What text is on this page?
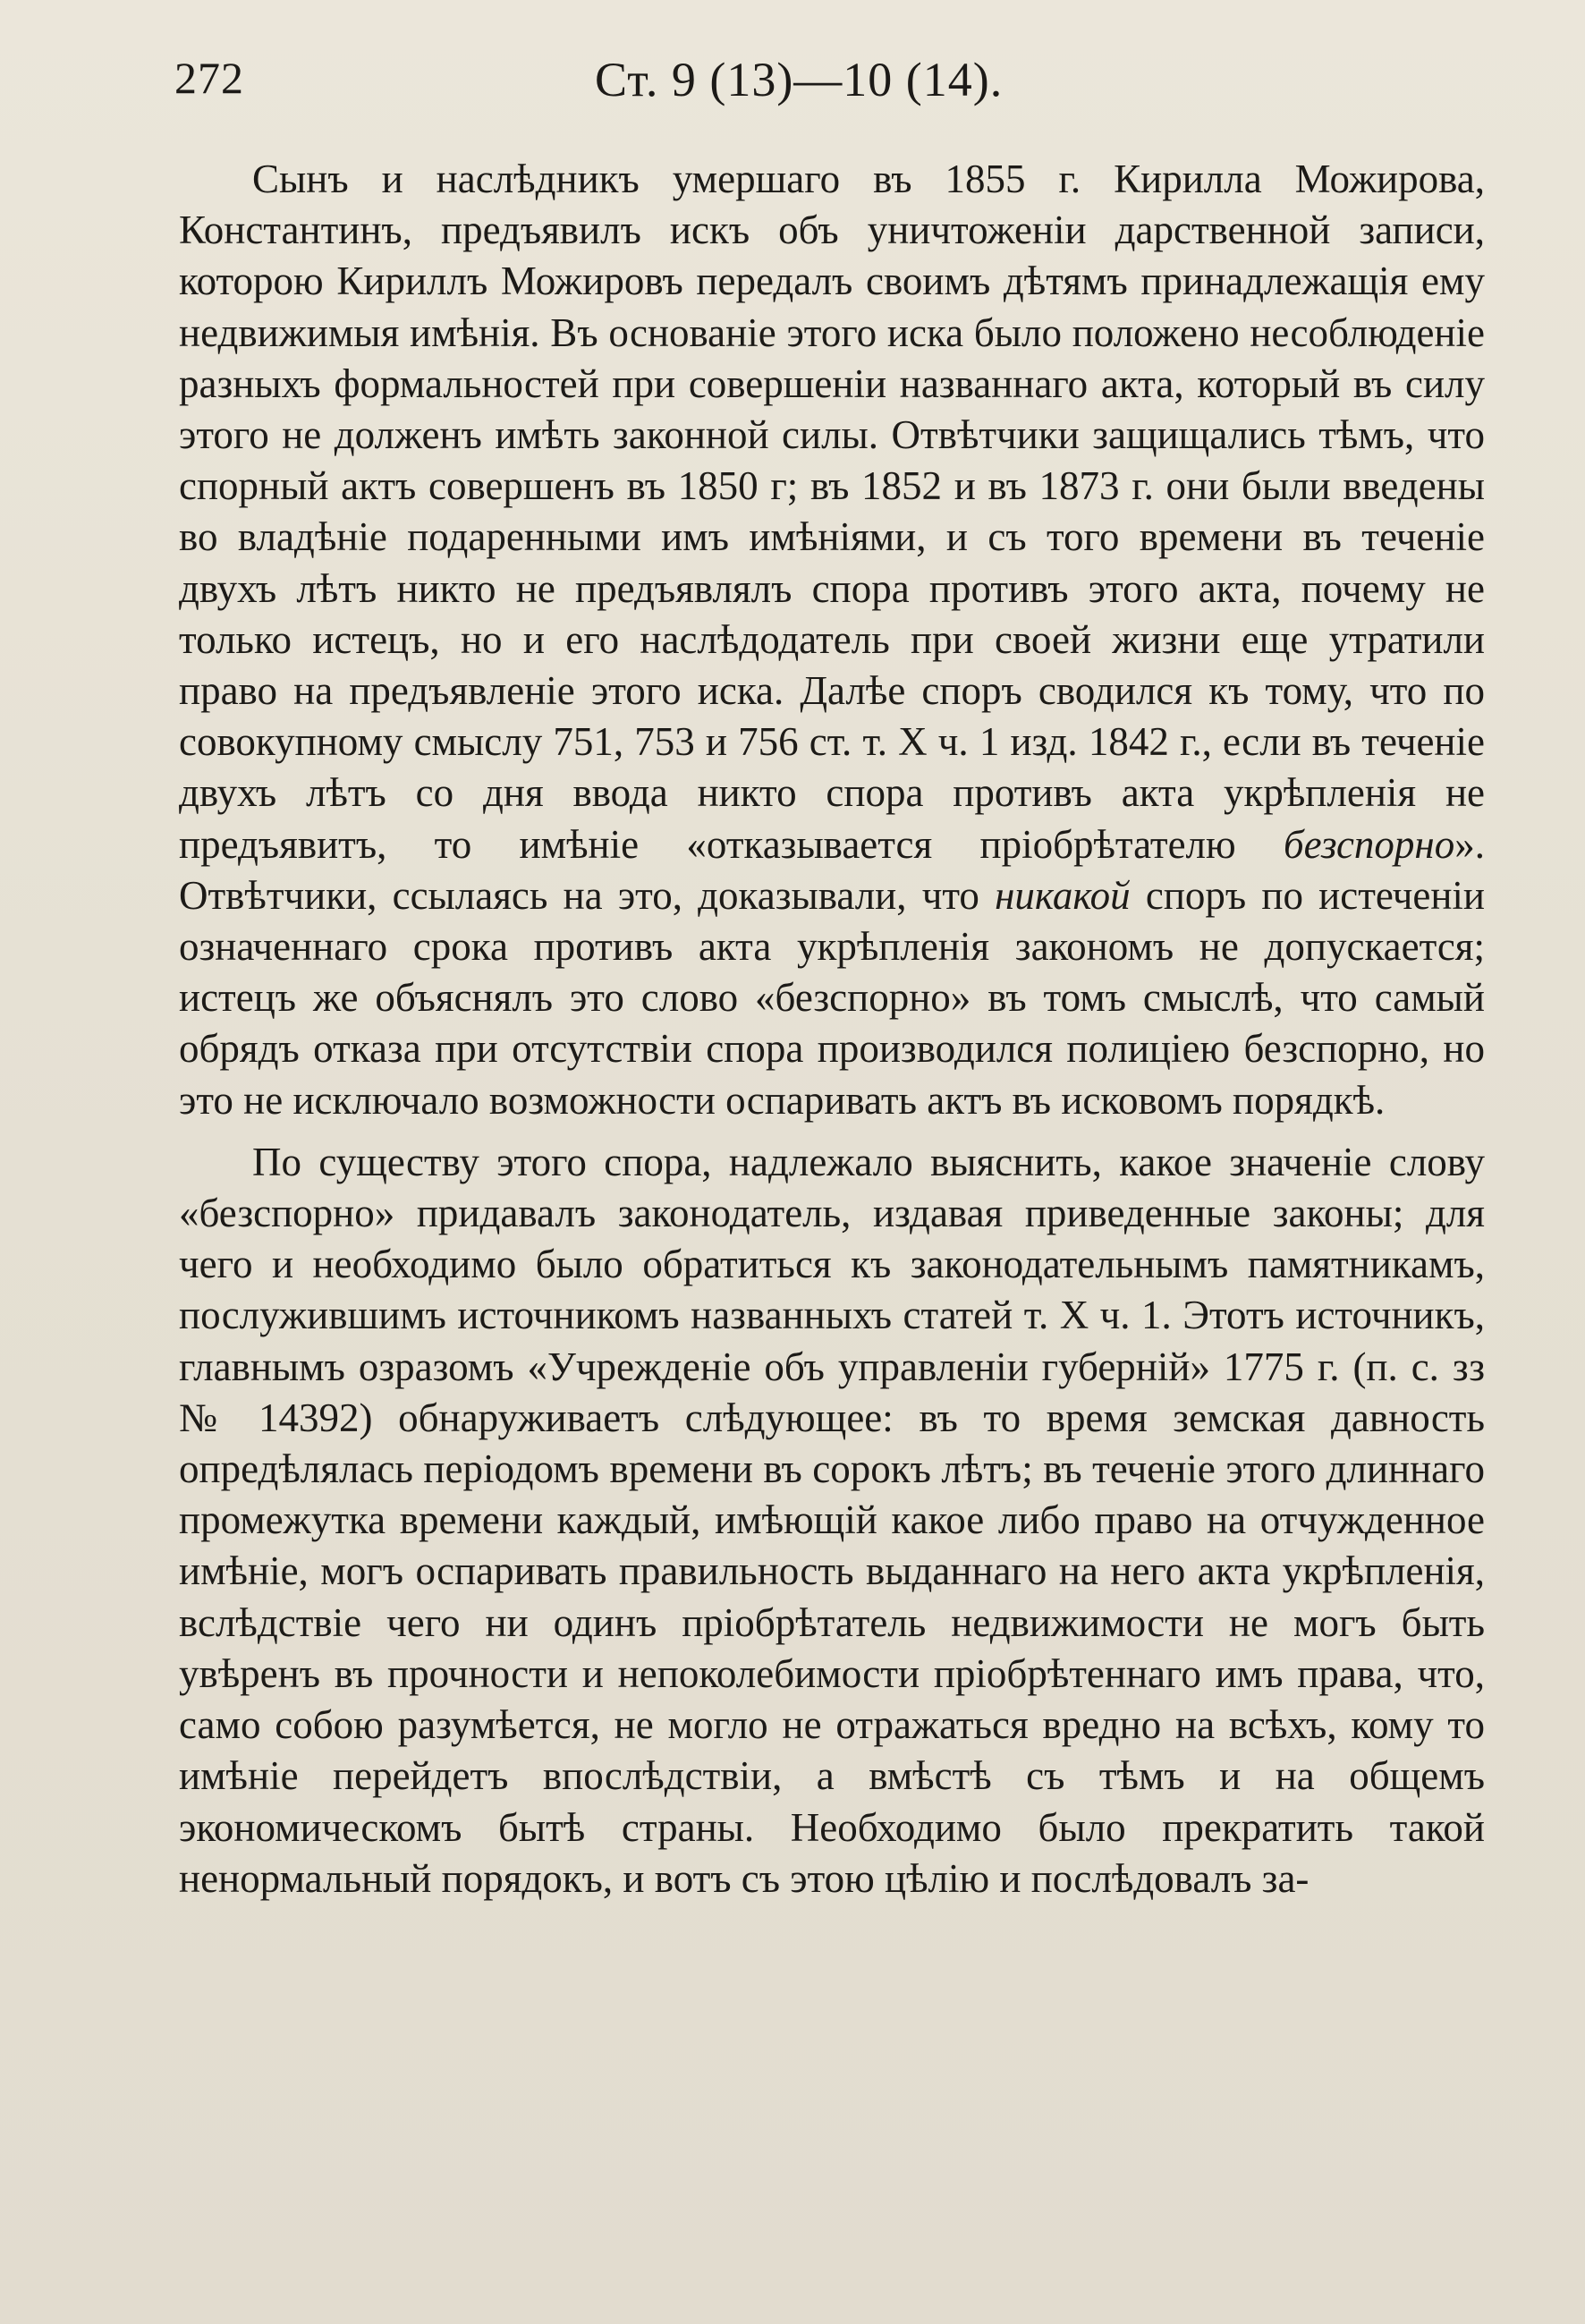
272	Ст. 9 (13)—10 (14).

Сынъ и наслѣдникъ умершаго въ 1855 г. Кирилла Можирова, Константинъ, предъявилъ искъ объ уничтоженіи дарственной записи, которою Кириллъ Можировъ передалъ своимъ дѣтямъ принадлежащія ему недвижимыя имѣнія. Въ основаніе этого иска было положено несоблюденіе разныхъ формальностей при совершеніи названнаго акта, который въ силу этого не долженъ имѣть законной силы. Отвѣтчики защищались тѣмъ, что спорный актъ совершенъ въ 1850 г; въ 1852 и въ 1873 г. они были введены во владѣніе подаренными имъ имѣніями, и съ того времени въ теченіе двухъ лѣтъ никто не предъявлялъ спора противъ этого акта, почему не только истецъ, но и его наслѣдодатель при своей жизни еще утратили право на предъявленіе этого иска. Далѣе споръ сводился къ тому, что по совокупному смыслу 751, 753 и 756 ст. т. X ч. 1 изд. 1842 г., если въ теченіе двухъ лѣтъ со дня ввода никто спора противъ акта укрѣпленія не предъявитъ, то имѣніе «отказывается пріобрѣтателю безспорно». Отвѣтчики, ссылаясь на это, доказывали, что никакой споръ по истеченіи означеннаго срока противъ акта укрѣпленія закономъ не допускается; истецъ же объяснялъ это слово «безспорно» въ томъ смыслѣ, что самый обрядъ отказа при отсутствіи спора производился полиціею безспорно, но это не исключало возможности оспаривать актъ въ исковомъ порядкѣ.

По существу этого спора, надлежало выяснить, какое значеніе слову «безспорно» придавалъ законодатель, издавая приведенные законы; для чего и необходимо было обратиться къ законодательнымъ памятникамъ, послужившимъ источникомъ названныхъ статей т. X ч. 1. Этотъ источникъ, главнымъ озразомъ «Учрежденіе объ управленіи губерній» 1775 г. (п. с. зз № 14392) обнаруживаетъ слѣдующее: въ то время земская давность опредѣлялась періодомъ времени въ сорокъ лѣтъ; въ теченіе этого длиннаго промежутка времени каждый, имѣющій какое либо право на отчужденное имѣніе, могъ оспаривать правильность выданнаго на него акта укрѣпленія, вслѣдствіе чего ни одинъ пріобрѣтатель недвижимости не могъ быть увѣренъ въ прочности и непоколебимости пріобрѣтеннаго имъ права, что, само собою разумѣется, не могло не отражаться вредно на всѣхъ, кому то имѣніе перейдетъ впослѣдствіи, а вмѣстѣ съ тѣмъ и на общемъ экономическомъ бытѣ страны. Необходимо было прекратить такой ненормальный порядокъ, и вотъ съ этою цѣлію и послѣдовалъ за-
